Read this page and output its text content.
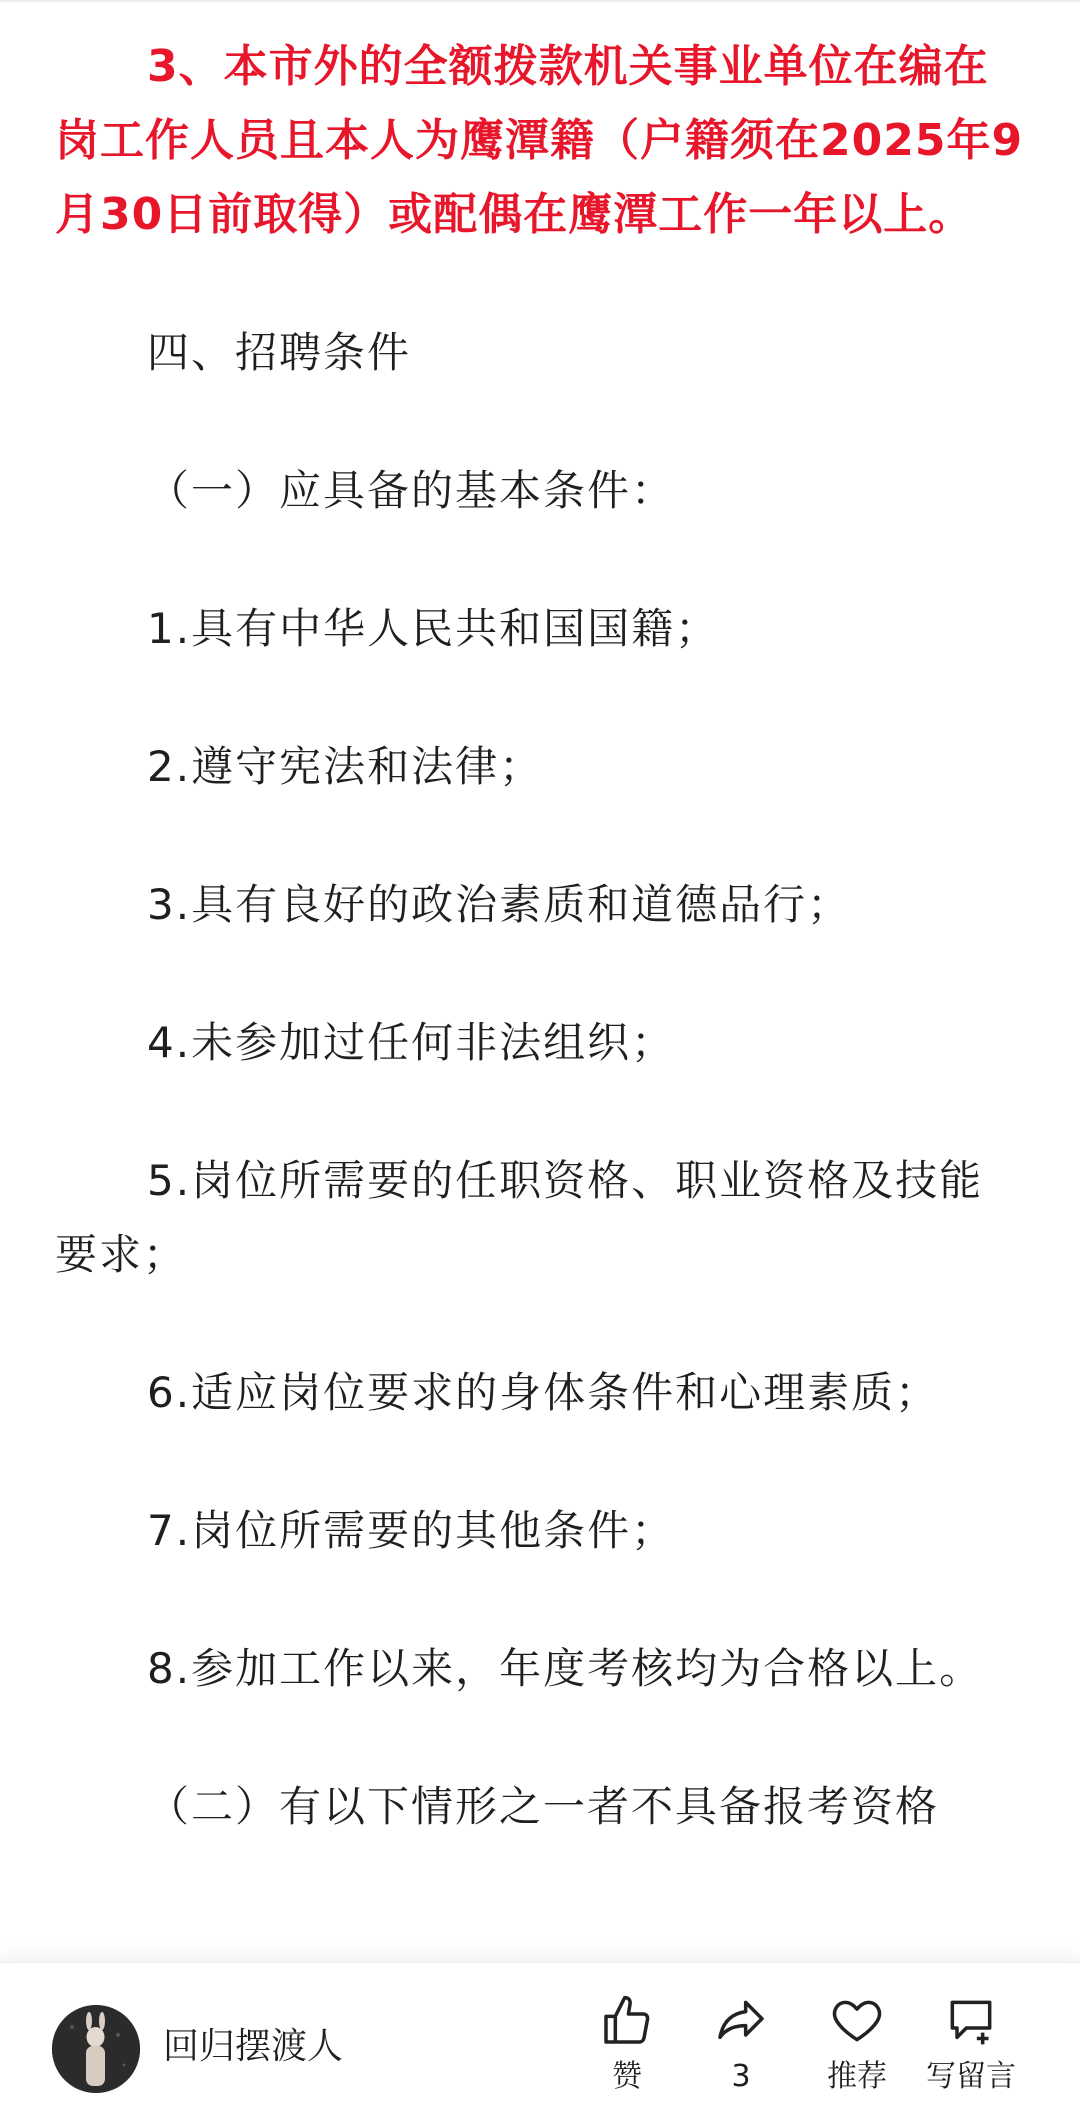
3、本市外的全额拨款机关事业单位在编在岗工作人员且本人为鹰潭籍（户籍须在2025年9月30日前取得）或配偶在鹰潭工作一年以上。

四、招聘条件

（一）应具备的基本条件：

1.具有中华人民共和国国籍；

2.遵守宪法和法律；

3.具有良好的政治素质和道德品行；

4.未参加过任何非法组织；

5.岗位所需要的任职资格、职业资格及技能要求；

6.适应岗位要求的身体条件和心理素质；

7.岗位所需要的其他条件；

8.参加工作以来，年度考核均为合格以上。

（二）有以下情形之一者不具备报考资格

回归摆渡人
赞	3	推荐	写留言
